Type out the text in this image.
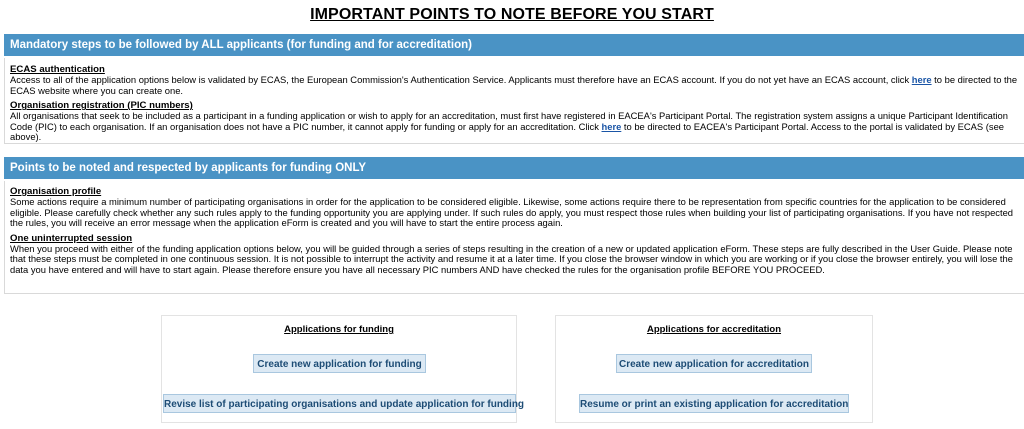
IMPORTANT POINTS TO NOTE BEFORE YOU START
Mandatory steps to be followed by ALL applicants (for funding and for accreditation)
ECAS authentication
Access to all of the application options below is validated by ECAS, the European Commission's Authentication Service. Applicants must therefore have an ECAS account. If you do not yet have an ECAS account, click here to be directed to the ECAS website where you can create one.
Organisation registration (PIC numbers)
All organisations that seek to be included as a participant in a funding application or wish to apply for an accreditation, must first have registered in EACEA's Participant Portal. The registration system assigns a unique Participant Identification Code (PIC) to each organisation. If an organisation does not have a PIC number, it cannot apply for funding or apply for an accreditation. Click here to be directed to EACEA's Participant Portal. Access to the portal is validated by ECAS (see above).
Points to be noted and respected by applicants for funding ONLY
Organisation profile
Some actions require a minimum number of participating organisations in order for the application to be considered eligible. Likewise, some actions require there to be representation from specific countries for the application to be considered eligible. Please carefully check whether any such rules apply to the funding opportunity you are applying under. If such rules do apply, you must respect those rules when building your list of participating organisations. If you have not respected the rules, you will receive an error message when the application eForm is created and you will have to start the entire process again.
One uninterrupted session
When you proceed with either of the funding application options below, you will be guided through a series of steps resulting in the creation of a new or updated application eForm. These steps are fully described in the User Guide. Please note that these steps must be completed in one continuous session. It is not possible to interrupt the activity and resume it at a later time. If you close the browser window in which you are working or if you close the browser entirely, you will lose the data you have entered and will have to start again. Please therefore ensure you have all necessary PIC numbers AND have checked the rules for the organisation profile BEFORE YOU PROCEED.
Applications for funding
Create new application for funding
Revise list of participating organisations and update application for funding
Applications for accreditation
Create new application for accreditation
Resume or print an existing application for accreditation
